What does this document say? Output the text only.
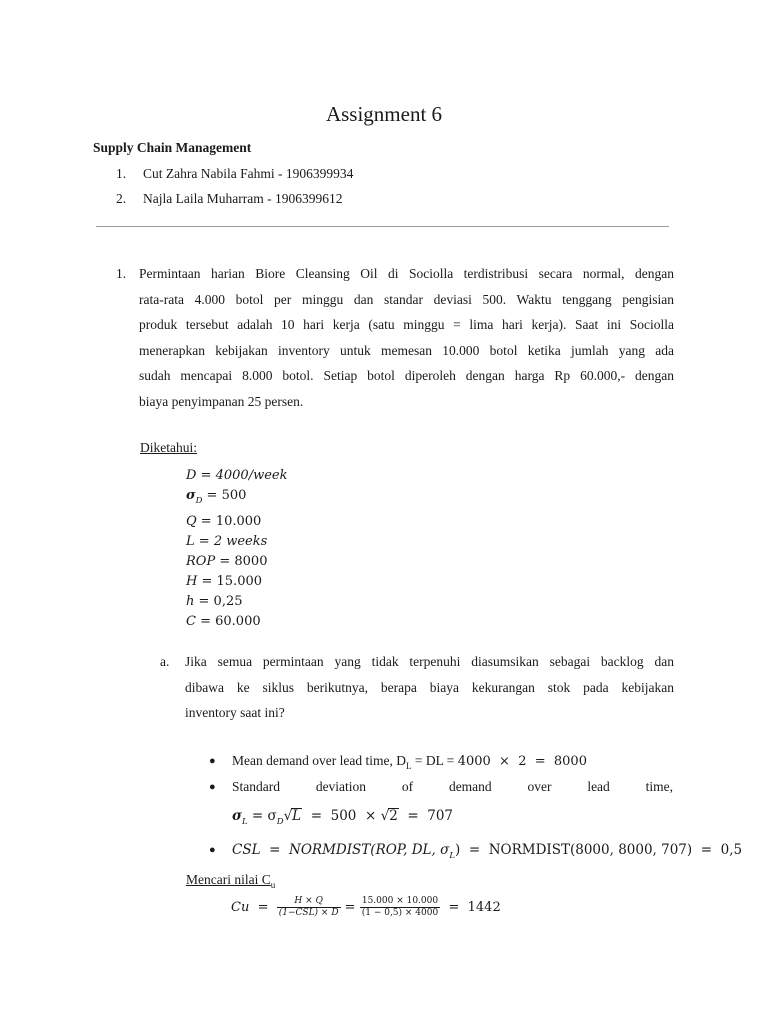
Assignment 6
Supply Chain Management
1. Cut Zahra Nabila Fahmi - 1906399934
2. Najla Laila Muharram - 1906399612
1. Permintaan harian Biore Cleansing Oil di Sociolla terdistribusi secara normal, dengan
rata-rata 4.000 botol per minggu dan standar deviasi 500. Waktu tenggang pengisian
produk tersebut adalah 10 hari kerja (satu minggu = lima hari kerja). Saat ini Sociolla
menerapkan kebijakan inventory untuk memesan 10.000 botol ketika jumlah yang ada
sudah mencapai 8.000 botol. Setiap botol diperoleh dengan harga Rp 60.000,- dengan
biaya penyimpanan 25 persen.
Diketahui:
D = 4000/week
$\sigma_D = 500$
Q = 10.000
L = 2 weeks
ROP = 8000
H = 15.000
h = 0,25
C = 60.000
a. Jika semua permintaan yang tidak terpenuhi diasumsikan sebagai backlog dan
dibawa ke siklus berikutnya, berapa biaya kekurangan stok pada kebijakan
inventory saat ini?
● Mean demand over lead time, $D_L$ = DL = 4000  ×  2  =  8000
● Standard	deviation	of	demand	over	lead	time,
$\sigma_L = \sigma_D√L = 500 \times √2 = 707$
● CSL  =  NORMDIST(ROP, DL, $\sigma_L$)  =  NORMDIST(8000, 8000, 707)  =  0,5
Mencari nilai $C_u$
$Cu = \frac{H \times Q}{\text{(1−CSL) × D}} = \frac{15.000 \times 10.000}{(1 - 0,5) \times 4000} = 1442$
